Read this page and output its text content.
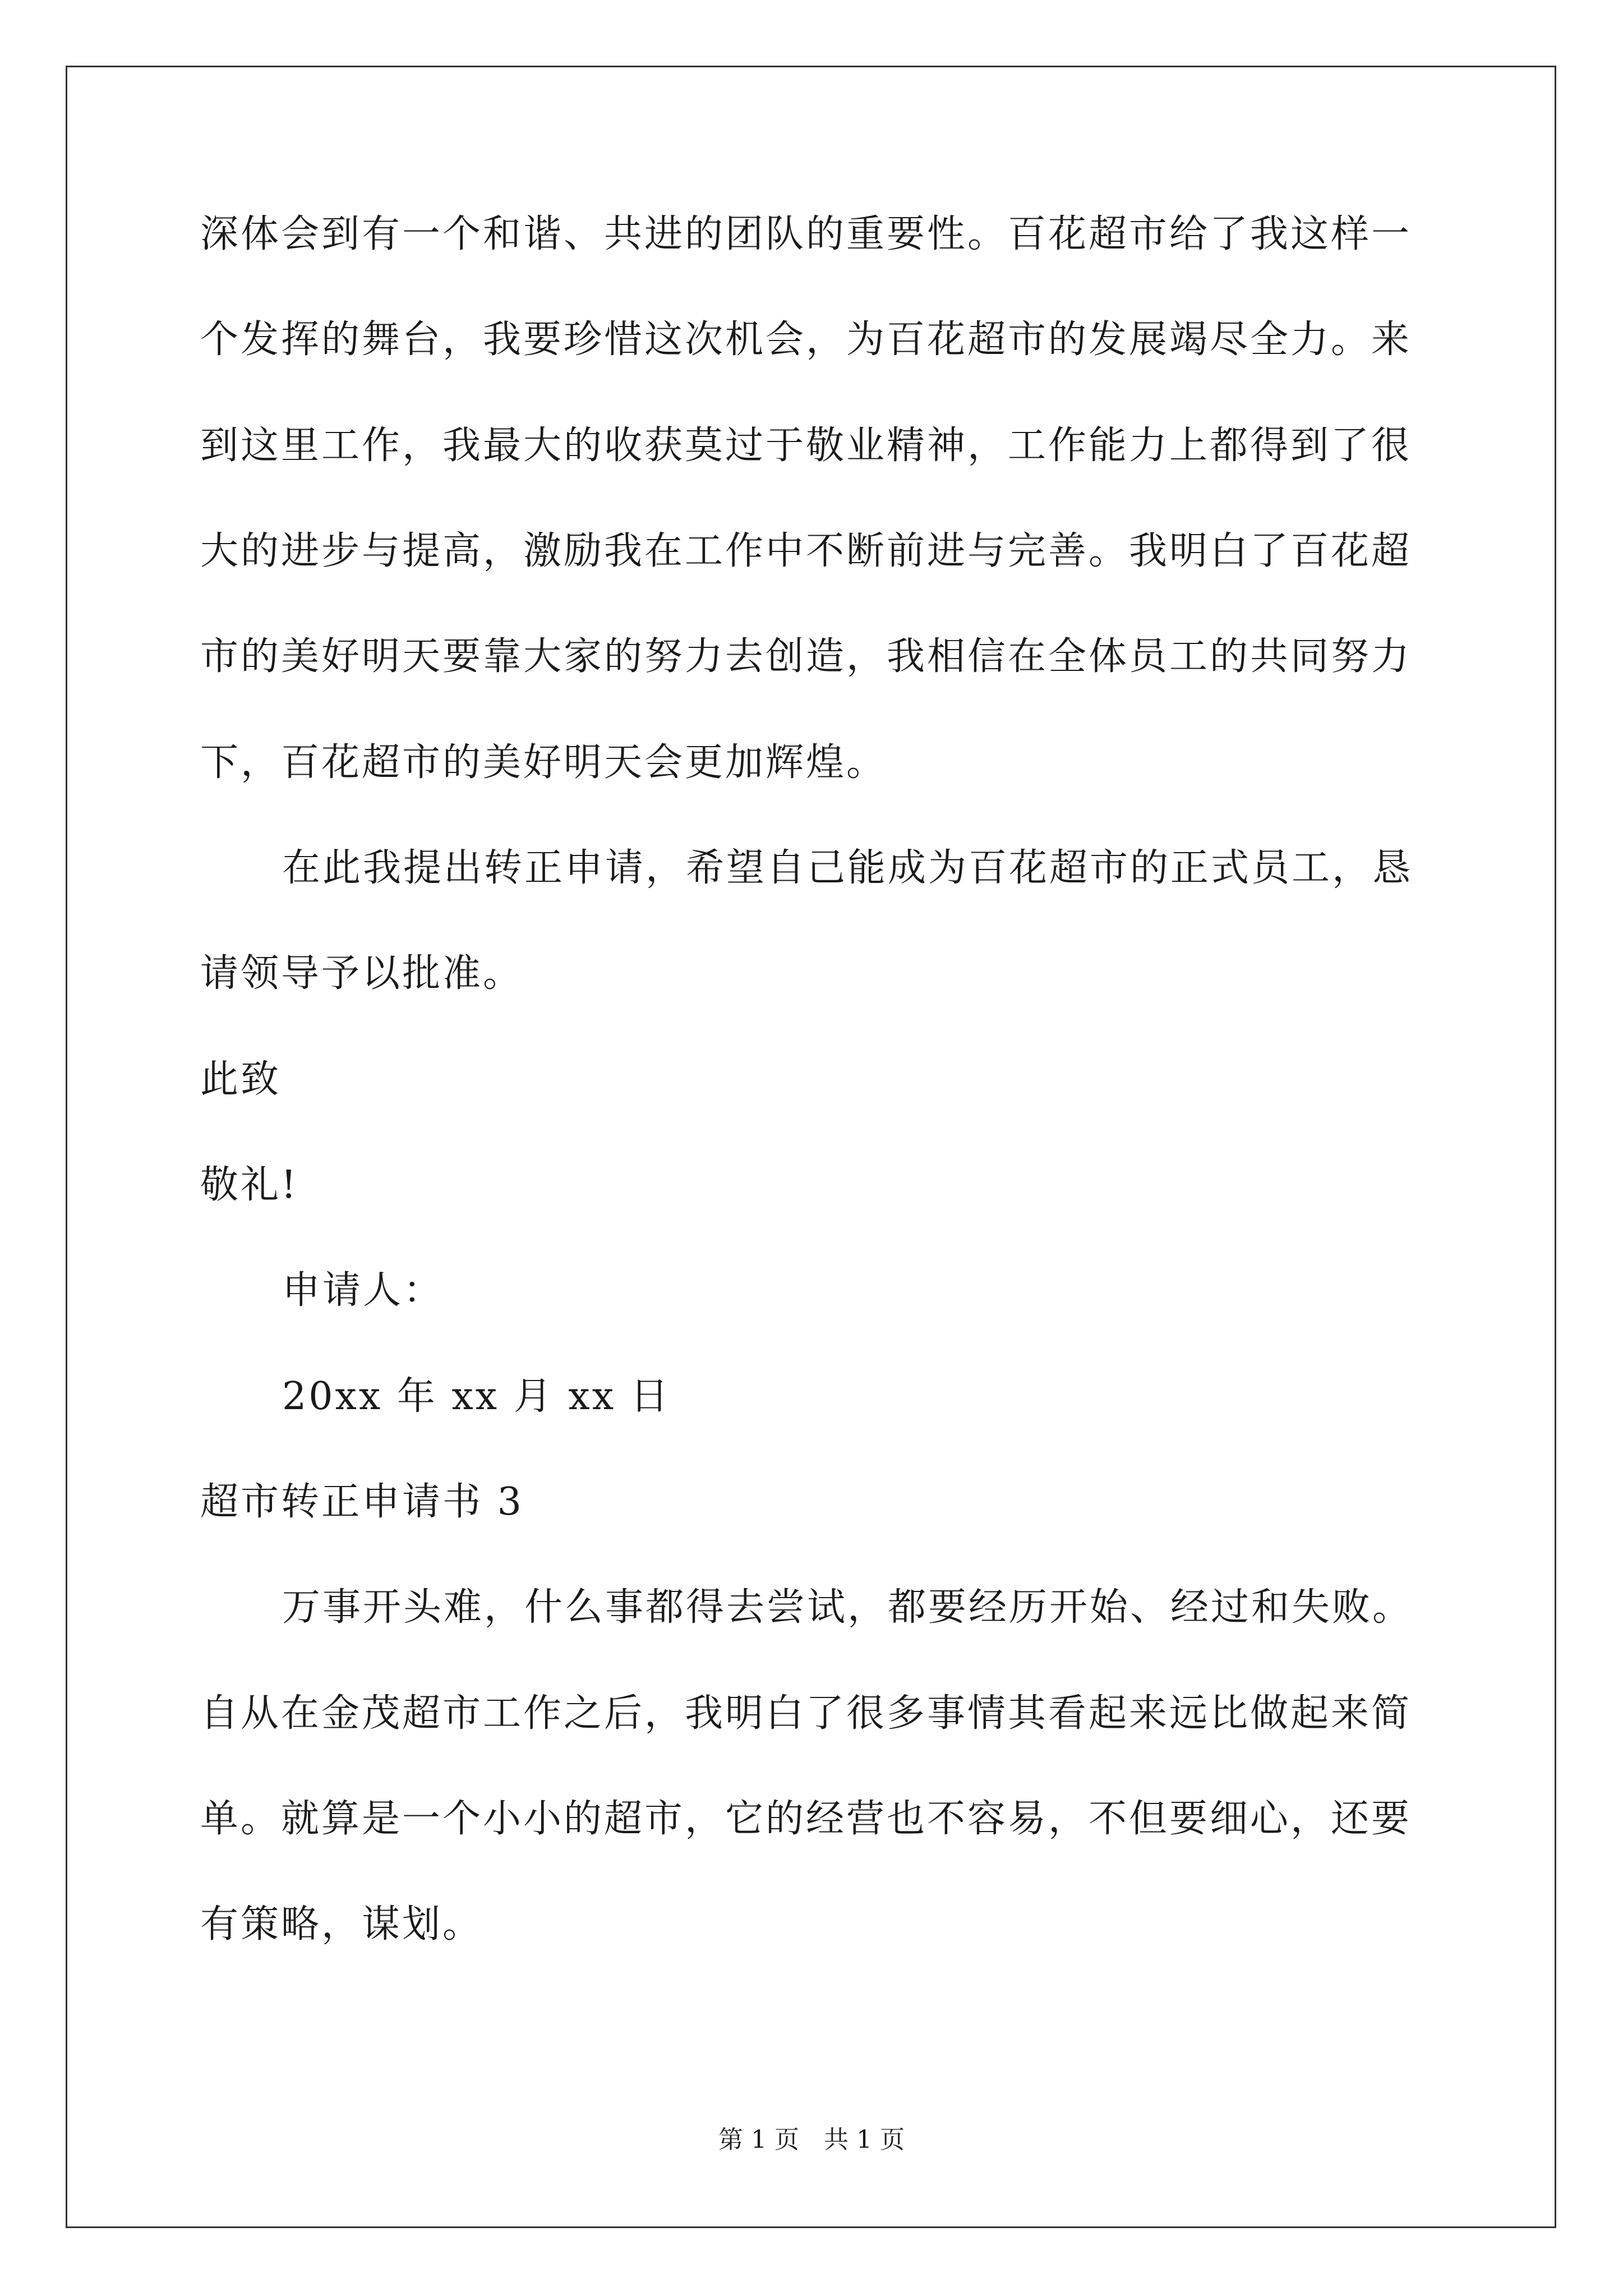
深体会到有一个和谐、共进的团队的重要性。百花超市给了我这样一
个发挥的舞台，我要珍惜这次机会，为百花超市的发展竭尽全力。来
到这里工作，我最大的收获莫过于敬业精神，工作能力上都得到了很
大的进步与提高，激励我在工作中不断前进与完善。我明白了百花超
市的美好明天要靠大家的努力去创造，我相信在全体员工的共同努力
下，百花超市的美好明天会更加辉煌。
在此我提出转正申请，希望自己能成为百花超市的正式员工，恳
请领导予以批准。
此致
敬礼!
申请人：
20xx 年 xx 月 xx 日
超市转正申请书 3
万事开头难，什么事都得去尝试，都要经历开始、经过和失败。
自从在金茂超市工作之后，我明白了很多事情其看起来远比做起来简
单。就算是一个小小的超市，它的经营也不容易，不但要细心，还要
有策略，谋划。
第 1 页　共 1 页
